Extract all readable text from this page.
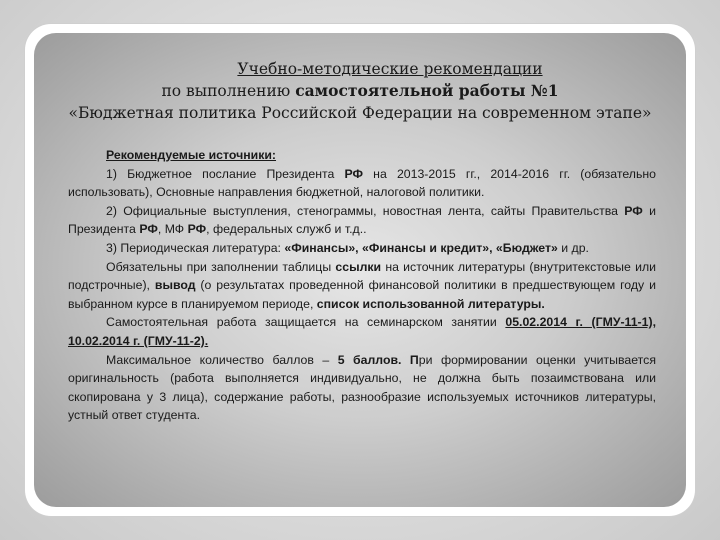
Учебно-методические рекомендации
по выполнению самостоятельной работы №1
«Бюджетная политика Российской Федерации на современном этапе»

Рекомендуемые источники:

1) Бюджетное послание Президента РФ на 2013-2015 гг., 2014-2016 гг. (обязательно использовать), Основные направления бюджетной, налоговой политики.

2) Официальные выступления, стенограммы, новостная лента, сайты Правительства РФ и Президента РФ, МФ РФ, федеральных служб и т.д..

3) Периодическая литература: «Финансы», «Финансы и кредит», «Бюджет» и др.

Обязательны при заполнении таблицы ссылки на источник литературы (внутритекстовые или подстрочные), вывод (о результатах проведенной финансовой политики в предшествующем году и выбранном курсе в планируемом периоде, список использованной литературы.

Самостоятельная работа защищается на семинарском занятии 05.02.2014 г. (ГМУ-11-1), 10.02.2014 г. (ГМУ-11-2).

Максимальное количество баллов – 5 баллов. При формировании оценки учитывается оригинальность (работа выполняется индивидуально, не должна быть позаимствована или скопирована у 3 лица), содержание работы, разнообразие используемых источников литературы, устный ответ студента.
